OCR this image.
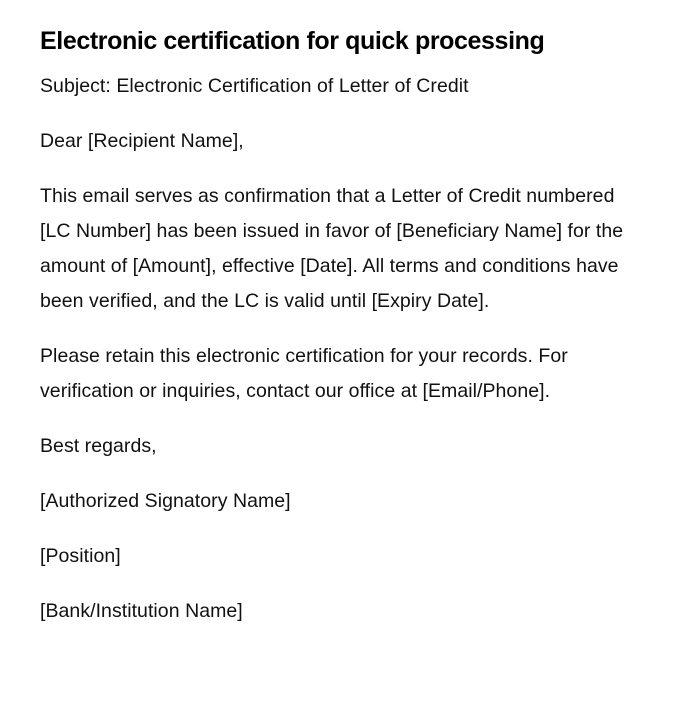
Electronic certification for quick processing

Subject: Electronic Certification of Letter of Credit

Dear [Recipient Name],

This email serves as confirmation that a Letter of Credit numbered [LC Number] has been issued in favor of [Beneficiary Name] for the amount of [Amount], effective [Date]. All terms and conditions have been verified, and the LC is valid until [Expiry Date].

Please retain this electronic certification for your records. For verification or inquiries, contact our office at [Email/Phone].

Best regards,

[Authorized Signatory Name]

[Position]

[Bank/Institution Name]
